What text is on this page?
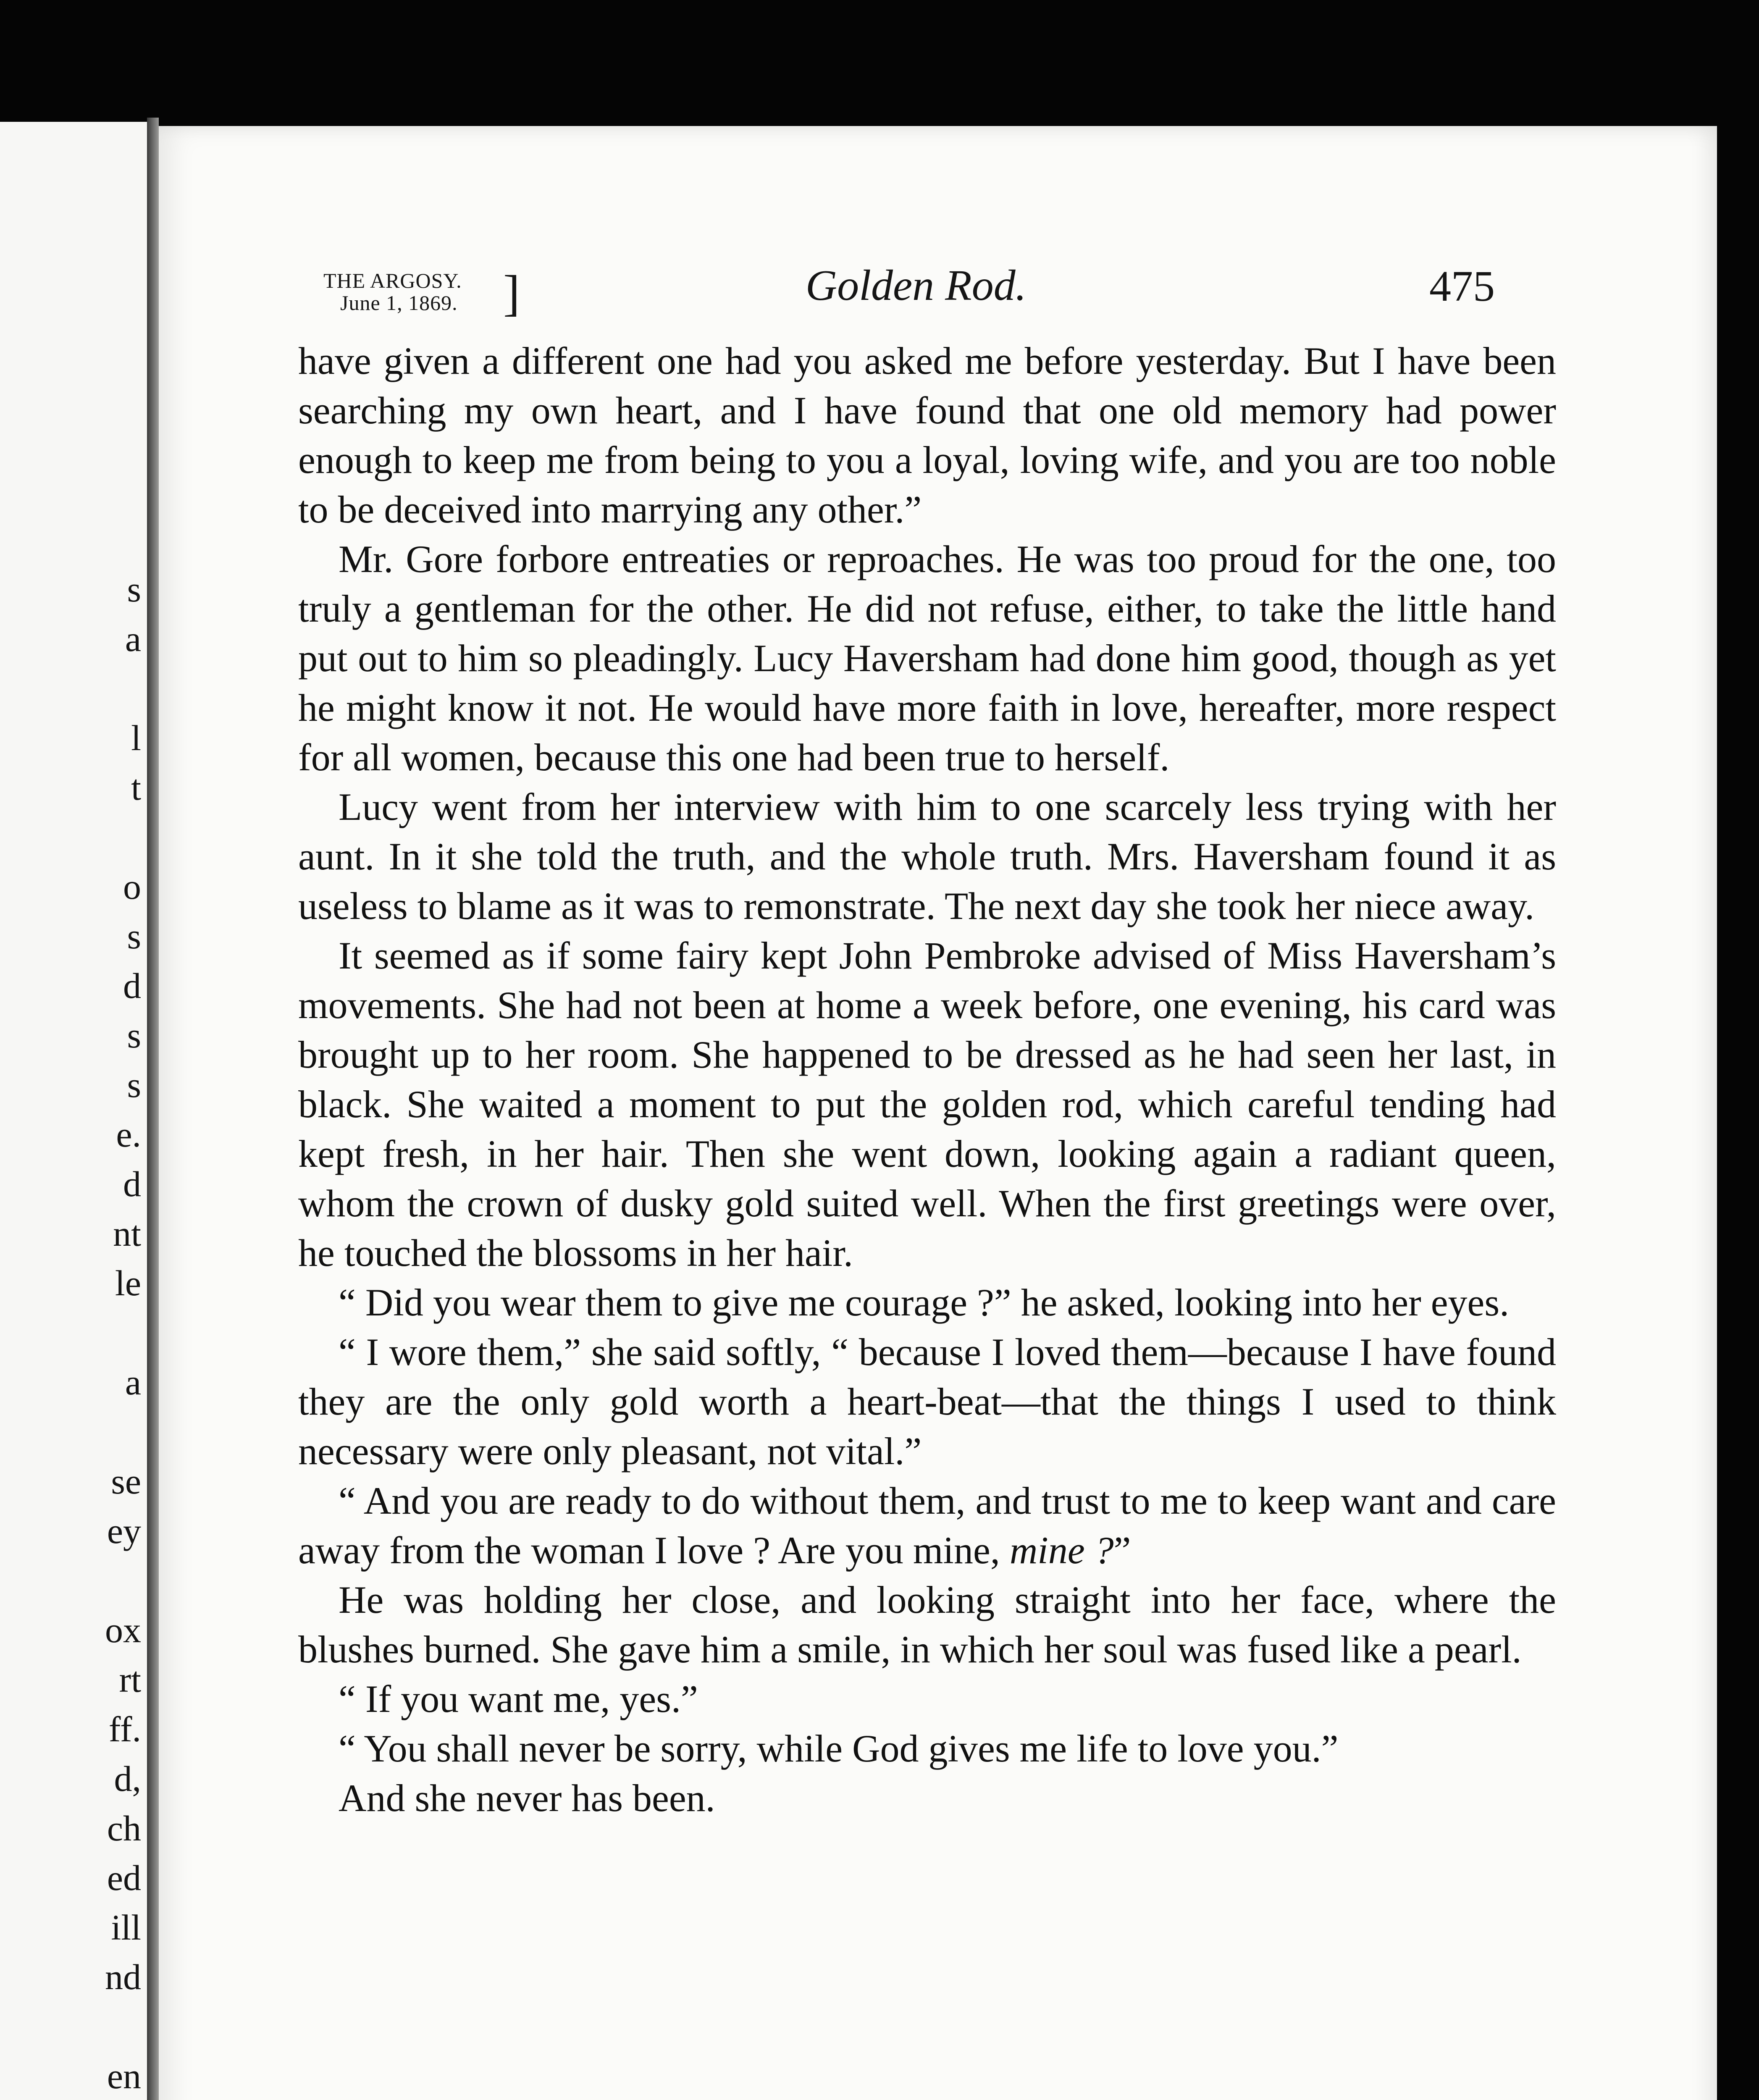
s
a
l
t
o
s
d
s
s
e.
d
nt
le
a
se
ey
ox
rt
ff.
d,
ch
ed
ill
nd
en
THE ARGOSY.
June 1, 1869. ]	Golden Rod.	475

have given a different one had you asked me before yesterday. But I have been searching my own heart, and I have found that one old memory had power enough to keep me from being to you a loyal, loving wife, and you are too noble to be deceived into marrying any other.”

Mr. Gore forbore entreaties or reproaches. He was too proud for the one, too truly a gentleman for the other. He did not refuse, either, to take the little hand put out to him so pleadingly. Lucy Haversham had done him good, though as yet he might know it not. He would have more faith in love, hereafter, more respect for all women, because this one had been true to herself.

Lucy went from her interview with him to one scarcely less trying with her aunt. In it she told the truth, and the whole truth. Mrs. Haversham found it as useless to blame as it was to remonstrate. The next day she took her niece away.

It seemed as if some fairy kept John Pembroke advised of Miss Haversham’s movements. She had not been at home a week before, one evening, his card was brought up to her room. She happened to be dressed as he had seen her last, in black. She waited a moment to put the golden rod, which careful tending had kept fresh, in her hair. Then she went down, looking again a radiant queen, whom the crown of dusky gold suited well. When the first greetings were over, he touched the blossoms in her hair.

“ Did you wear them to give me courage ?” he asked, looking into her eyes.

“ I wore them,” she said softly, “ because I loved them—because I have found they are the only gold worth a heart-beat—that the things I used to think necessary were only pleasant, not vital.”

“ And you are ready to do without them, and trust to me to keep want and care away from the woman I love ? Are you mine, mine ?”

He was holding her close, and looking straight into her face, where the blushes burned. She gave him a smile, in which her soul was fused like a pearl.

“ If you want me, yes.”

“ You shall never be sorry, while God gives me life to love you.”

And she never has been.
